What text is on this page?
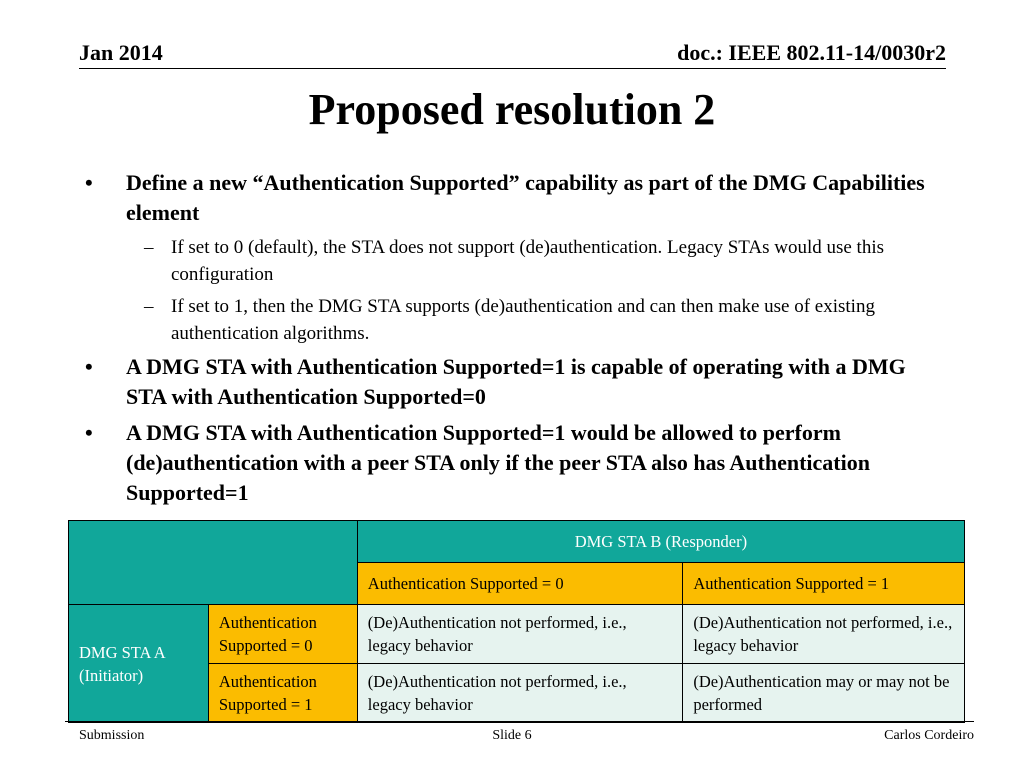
Jan 2014	doc.: IEEE 802.11-14/0030r2
Proposed resolution 2
• Define a new “Authentication Supported” capability as part of the DMG Capabilities element
– If set to 0 (default), the STA does not support (de)authentication. Legacy STAs would use this configuration
– If set to 1, then the DMG STA supports (de)authentication and can then make use of existing authentication algorithms.
• A DMG STA with Authentication Supported=1 is capable of operating with a DMG STA with Authentication Supported=0
• A DMG STA with Authentication Supported=1 would be allowed to perform (de)authentication with a peer STA only if the peer STA also has Authentication Supported=1
		DMG STA B (Responder)	
		Authentication Supported = 0	Authentication Supported = 1
DMG STA A (Initiator)	Authentication Supported = 0	(De)Authentication not performed, i.e., legacy behavior	(De)Authentication not performed, i.e., legacy behavior
	Authentication Supported = 1	(De)Authentication not performed, i.e., legacy behavior	(De)Authentication may or may not be performed
Submission	Slide 6	Carlos Cordeiro
